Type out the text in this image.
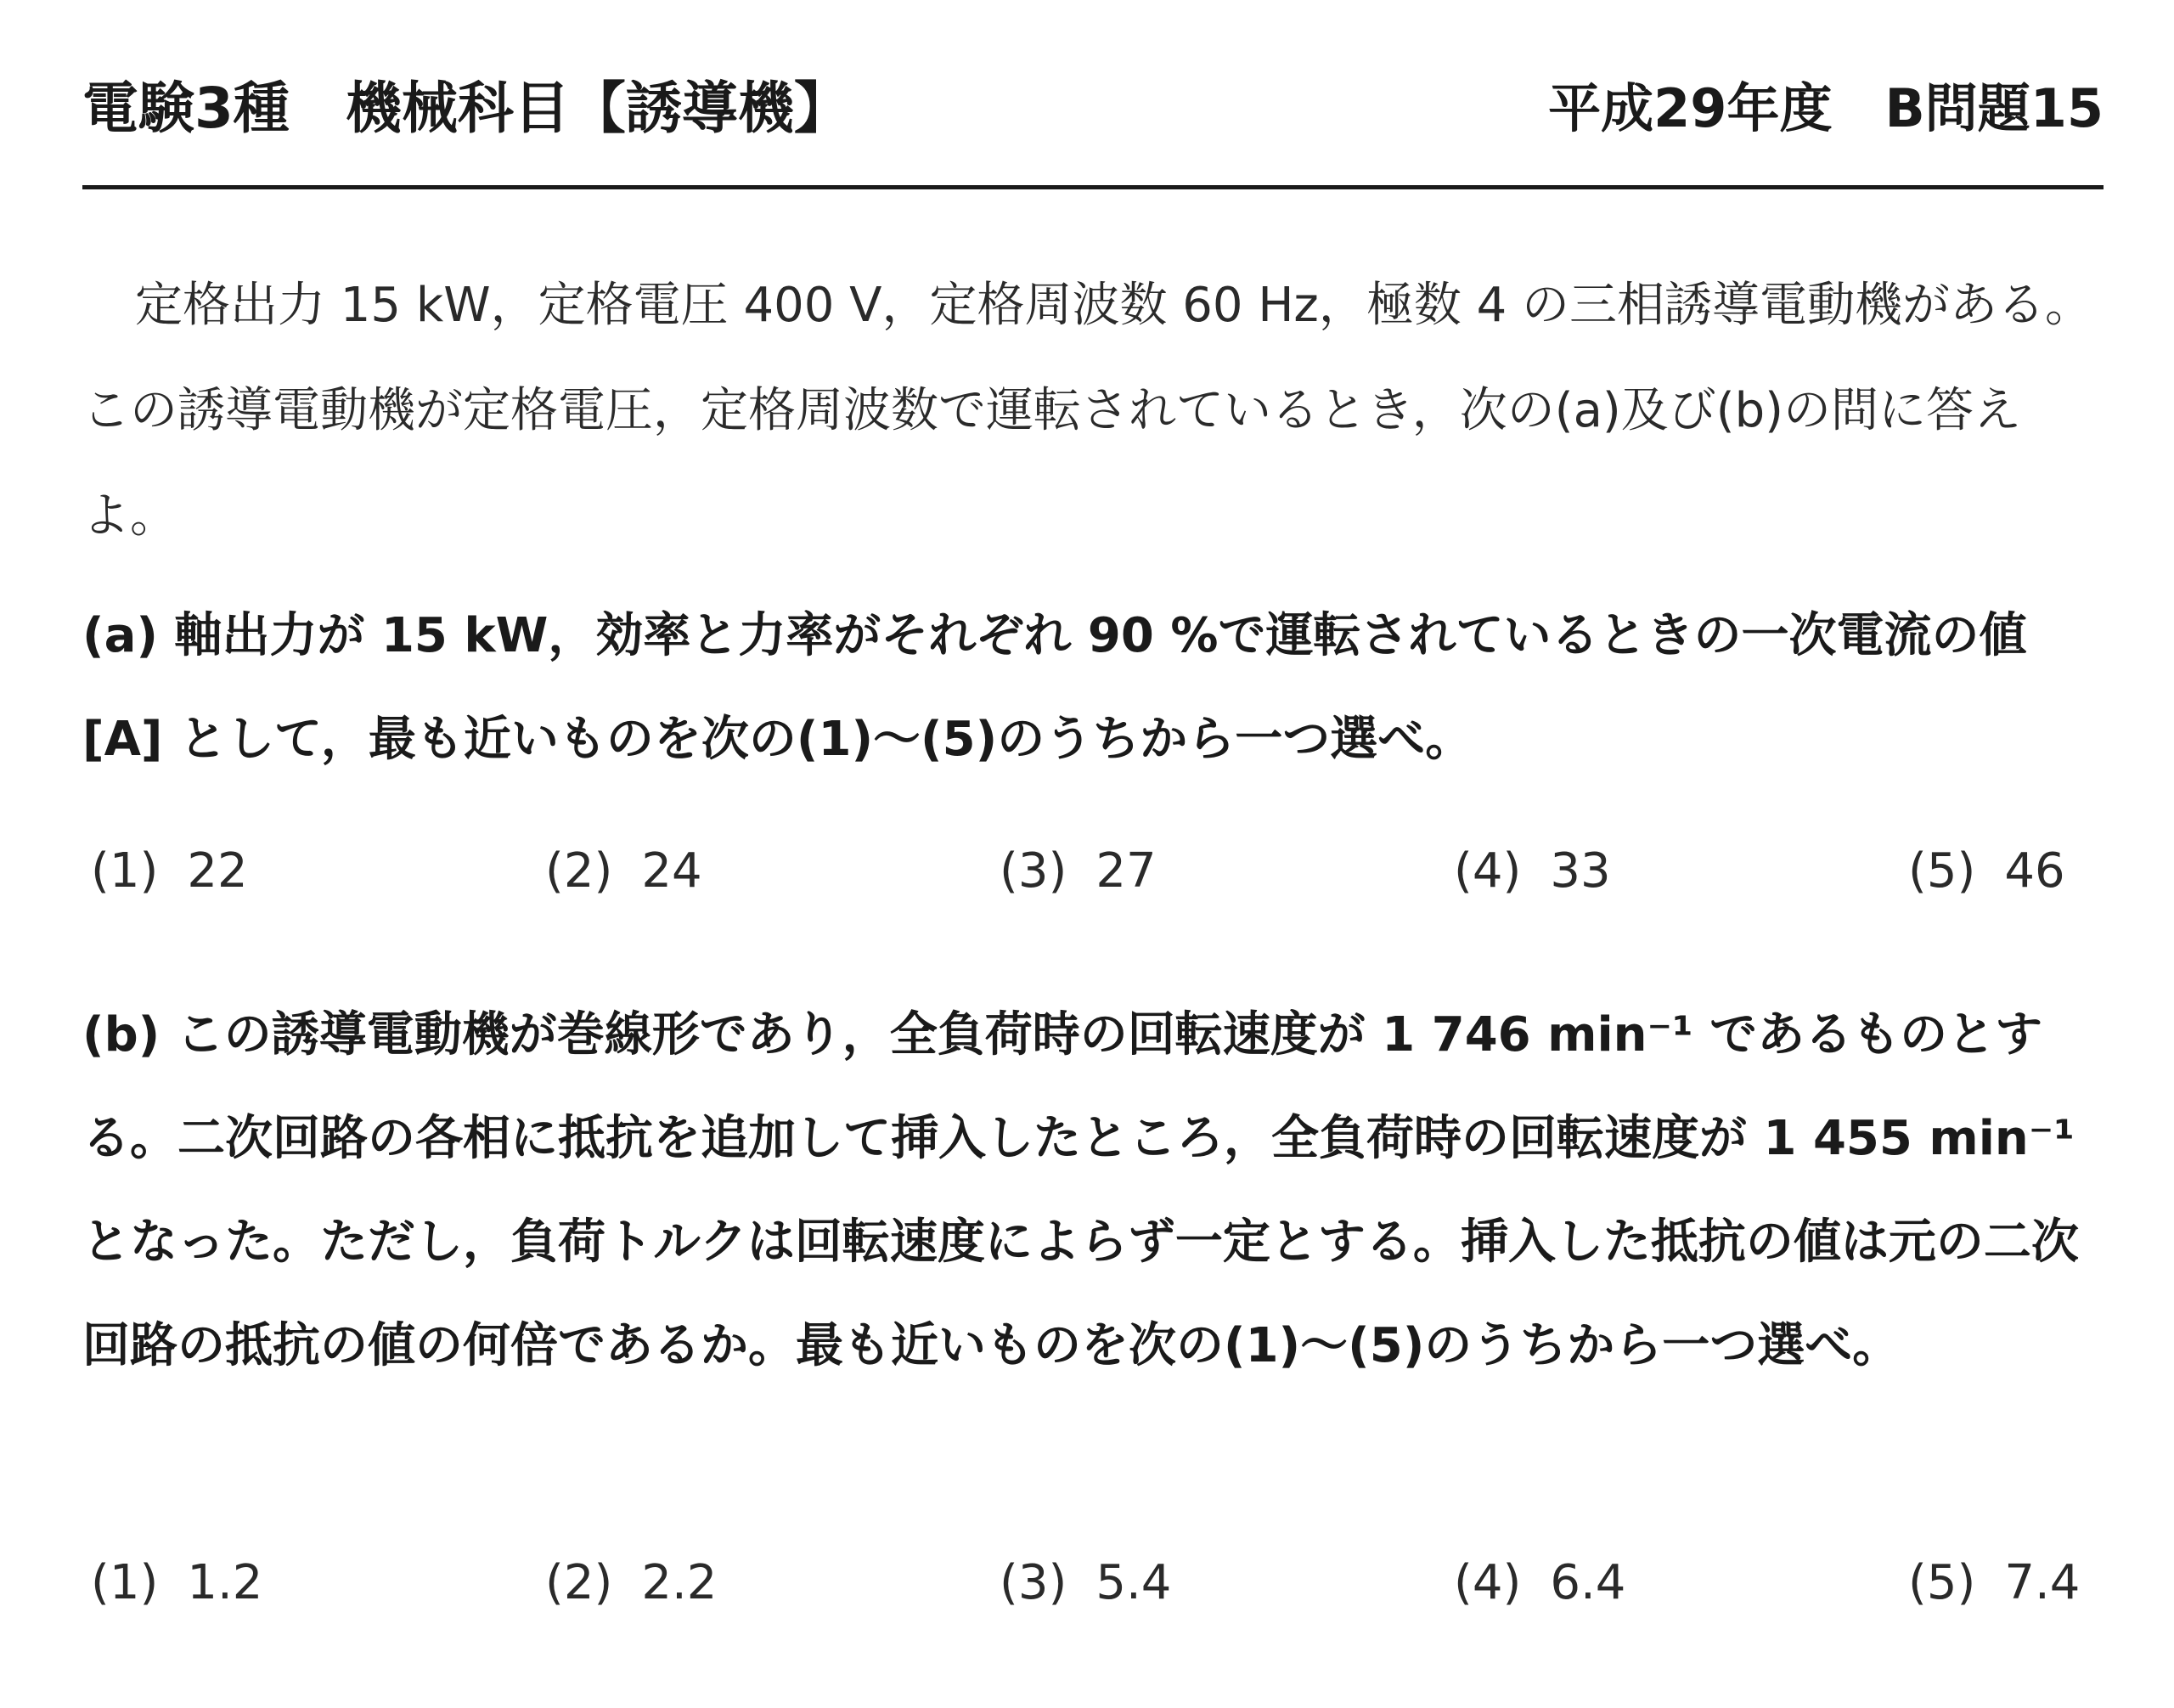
電験3種　機械科目【誘導機】	平成29年度　B問題15

定格出力 15 kW，定格電圧 400 V，定格周波数 60 Hz，極数 4 の三相誘導電動機がある。この誘導電動機が定格電圧，定格周波数で運転されているとき，次の(a)及び(b)の問に答えよ。

(a) 軸出力が 15 kW，効率と力率がそれぞれ 90 %で運転されているときの一次電流の値 [A] として，最も近いものを次の(1)～(5)のうちから一つ選べ。

(1) 22	(2) 24	(3) 27	(4) 33	(5) 46

(b) この誘導電動機が巻線形であり，全負荷時の回転速度が 1 746 min⁻¹ であるものとする。二次回路の各相に抵抗を追加して挿入したところ，全負荷時の回転速度が 1 455 min⁻¹ となった。ただし，負荷トルクは回転速度によらず一定とする。挿入した抵抗の値は元の二次回路の抵抗の値の何倍であるか。最も近いものを次の(1)～(5)のうちから一つ選べ。

(1) 1.2	(2) 2.2	(3) 5.4	(4) 6.4	(5) 7.4
